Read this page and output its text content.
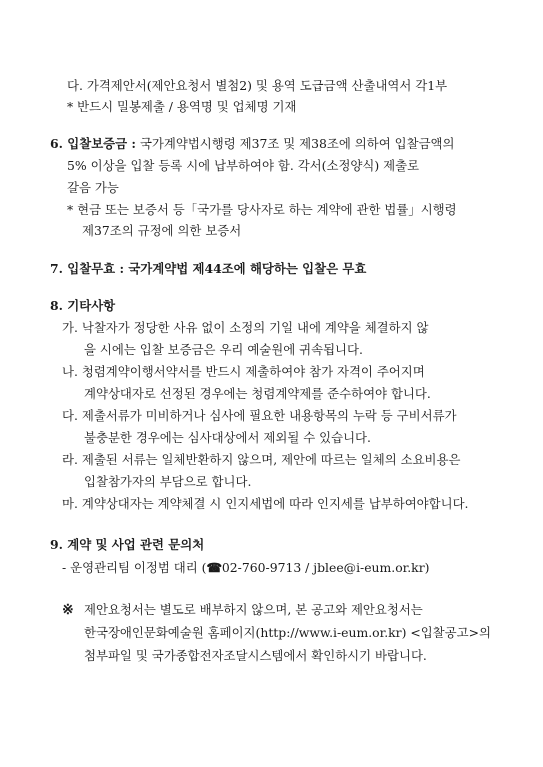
다. 가격제안서(제안요청서 별첨2) 및 용역 도급금액 산출내역서 각1부
* 반드시 밀봉제출 / 용역명 및 업체명 기재
6. 입찰보증금 : 국가계약법시행령 제37조 및 제38조에 의하여 입찰금액의
5% 이상을 입찰 등록 시에 납부하여야 함. 각서(소정양식) 제출로
갈음 가능
* 현금 또는 보증서 등「국가를 당사자로 하는 계약에 관한 법률」시행령
제37조의 규정에 의한 보증서
7. 입찰무효 : 국가계약법 제44조에 해당하는 입찰은 무효
8. 기타사항
가. 낙찰자가 정당한 사유 없이 소정의 기일 내에 계약을 체결하지 않
을 시에는 입찰 보증금은 우리 예술원에 귀속됩니다.
나. 청렴계약이행서약서를 반드시 제출하여야 참가 자격이 주어지며
계약상대자로 선정된 경우에는 청렴계약제를 준수하여야 합니다.
다. 제출서류가 미비하거나 심사에 필요한 내용항목의 누락 등 구비서류가
불충분한 경우에는 심사대상에서 제외될 수 있습니다.
라. 제출된 서류는 일체반환하지 않으며, 제안에 따르는 일체의 소요비용은
입찰참가자의 부담으로 합니다.
마. 계약상대자는 계약체결 시 인지세법에 따라 인지세를 납부하여야합니다.
9. 계약 및 사업 관련 문의처
- 운영관리팀 이정범 대리 (☎02-760-9713 / jblee@i-eum.or.kr)
※ 제안요청서는 별도로 배부하지 않으며, 본 공고와 제안요청서는
한국장애인문화예술원 홈페이지(http://www.i-eum.or.kr) <입찰공고>의
첨부파일 및 국가종합전자조달시스템에서 확인하시기 바랍니다.
